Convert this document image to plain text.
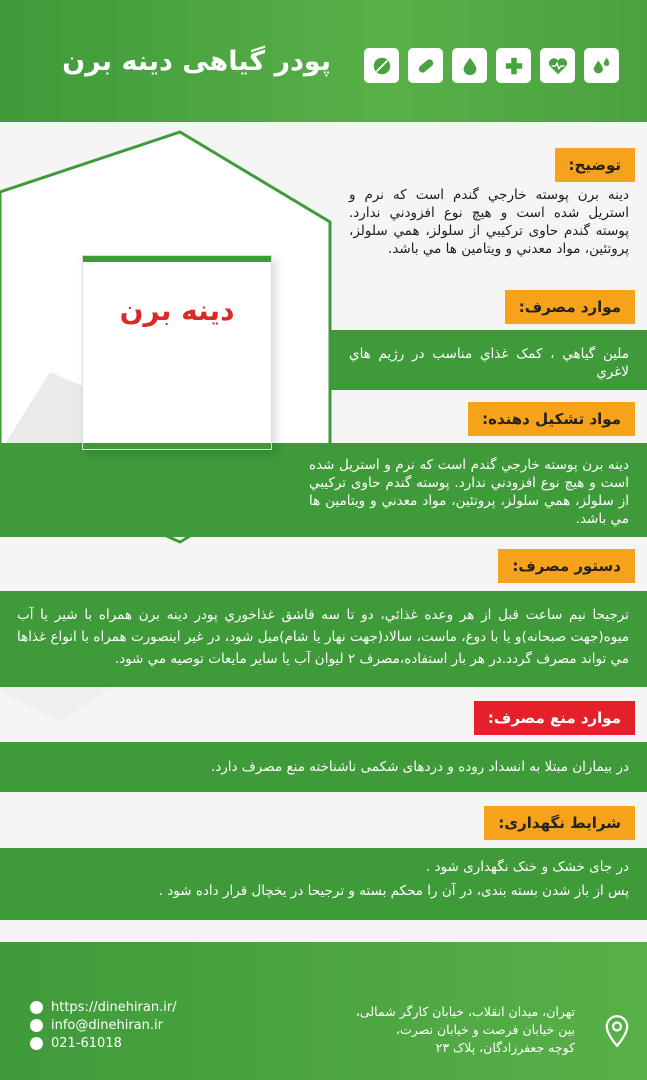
پودر گیاهی دینه برن
دینه برن
توضیح:
دينه برن پوسته خارجي گندم است که نرم و استريل شده است و هيچ نوع افزودني ندارد. پوسته گندم حاوی ترکيبي از سلولز، همي سلولز، پروتئين، مواد معدني و ويتامين ها مي باشد.
موارد مصرف:
ملين گياهي ، كمک غذاي مناسب در رژيم هاي لاغري
مواد تشکیل دهنده:
دينه برن پوسته خارجي گندم است که نرم و استريل شده است و هيچ نوع افزودني ندارد. پوسته گندم حاوی ترکيبي از سلولز، همي سلولز، پروتئين، مواد معدني و ويتامين ها مي باشد.
دستور مصرف:
ترجيحا نيم ساعت قبل از هر وعده غذائي، دو تا سه قاشق غذاخوري پودر دينه برن همراه با شير يا آب ميوه(جهت صبحانه)و يا با دوغ، ماست، سالاد(جهت نهار يا شام)ميل شود، در غير اينصورت همراه با انواع غذاها مي تواند مصرف گردد.در هر بار استفاده،مصرف ۲ ليوان آب يا ساير مايعات توصيه مي شود.
موارد منع مصرف:
در بیماران مبتلا به انسداد روده و دردهای شکمی ناشناخته منع مصرف دارد.
شرایط نگهداری:
در جای خشک و خنک نگهداری شود .
پس از باز شدن بسته بندی، در آن را محکم بسته و ترجیحا در یخچال قرار داده شود .
https://dinehiran.ir/
info@dinehiran.ir
021-61018
تهران، میدان انقلاب، خیابان کارگر شمالی،
بین خیابان فرصت و خیابان نصرت،
کوچه جعفرزادگان، پلاک ۲۳
